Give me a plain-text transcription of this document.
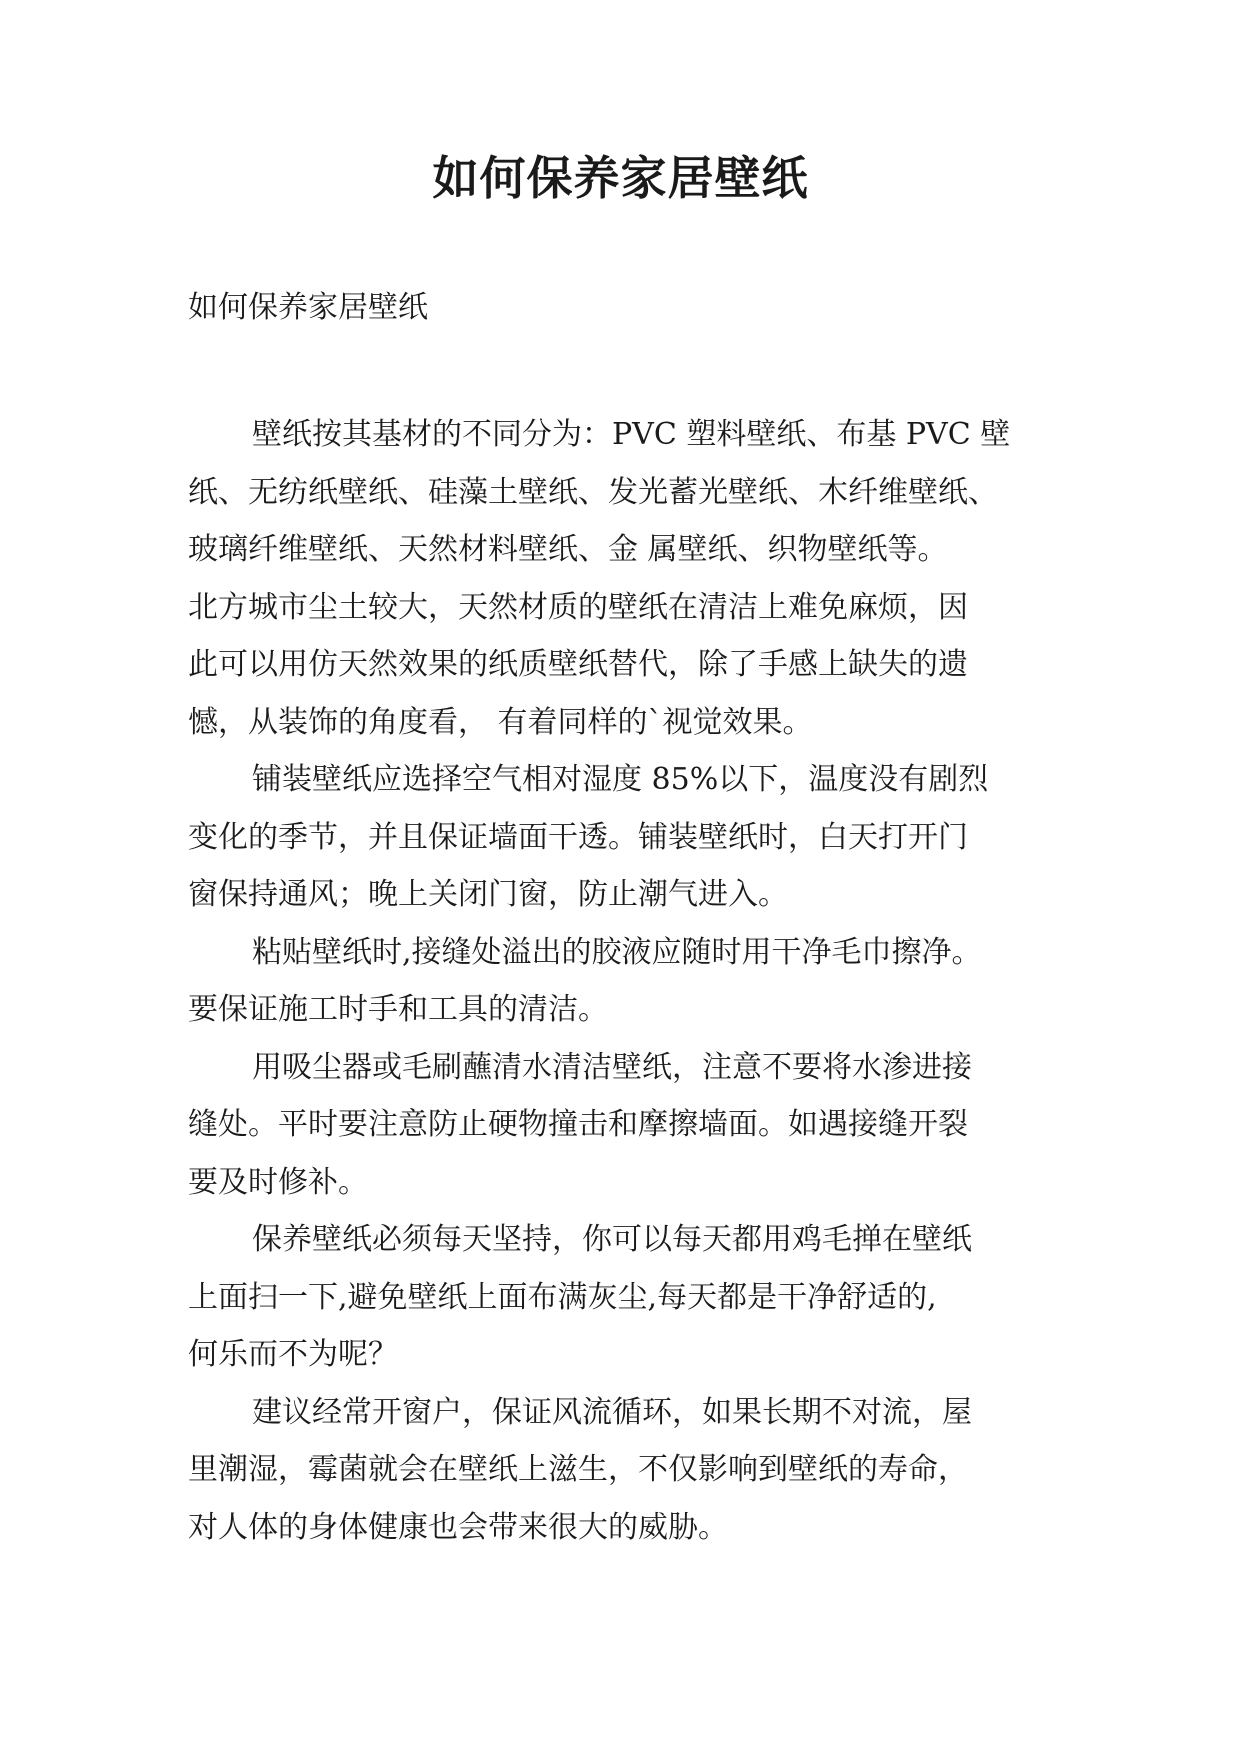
如何保养家居壁纸

如何保养家居壁纸

壁纸按其基材的不同分为：PVC 塑料壁纸、布基 PVC 壁
纸、无纺纸壁纸、硅藻土壁纸、发光蓄光壁纸、木纤维壁纸、
玻璃纤维壁纸、天然材料壁纸、金 属壁纸、织物壁纸等。
北方城市尘土较大，天然材质的壁纸在清洁上难免麻烦，因
此可以用仿天然效果的纸质壁纸替代，除了手感上缺失的遗
憾，从装饰的角度看， 有着同样的`视觉效果。

铺装壁纸应选择空气相对湿度 85%以下，温度没有剧烈
变化的季节，并且保证墙面干透。铺装壁纸时，白天打开门
窗保持通风；晚上关闭门窗，防止潮气进入。

粘贴壁纸时,接缝处溢出的胶液应随时用干净毛巾擦净。
要保证施工时手和工具的清洁。

用吸尘器或毛刷蘸清水清洁壁纸，注意不要将水渗进接
缝处。平时要注意防止硬物撞击和摩擦墙面。如遇接缝开裂
要及时修补。

保养壁纸必须每天坚持，你可以每天都用鸡毛掸在壁纸
上面扫一下,避免壁纸上面布满灰尘,每天都是干净舒适的,
何乐而不为呢？

建议经常开窗户，保证风流循环，如果长期不对流，屋
里潮湿，霉菌就会在壁纸上滋生，不仅影响到壁纸的寿命，
对人体的身体健康也会带来很大的威胁。
